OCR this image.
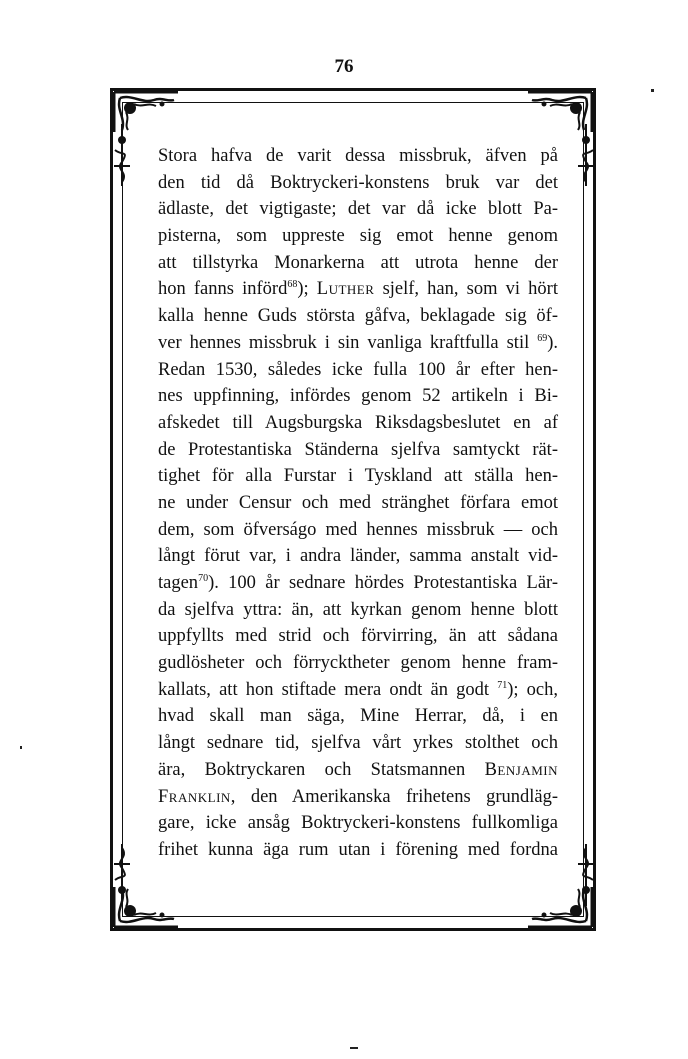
76
Stora hafva de varit dessa missbruk, äfven på
den tid då Boktryckeri-konstens bruk var det
ädlaste, det vigtigaste; det var då icke blott Pa-
pisterna, som uppreste sig emot henne genom
att tillstyrka Monarkerna att utrota henne der
hon fanns införd$^{68}$); Luther sjelf, han, som vi hört
kalla henne Guds största gåfva, beklagade sig öf-
ver hennes missbruk i sin vanliga kraftfulla stil $^{69}$).
Redan 1530, således icke fulla 100 år efter hen-
nes uppfinning, infördes genom 52 artikeln i Bi-
afskedet till Augsburgska Riksdagsbeslutet en af
de Protestantiska Ständerna sjelfva samtyckt rät-
tighet för alla Furstar i Tyskland att ställa hen-
ne under Censur och med stränghet förfara emot
dem, som öfverságo med hennes missbruk — och
långt förut var, i andra länder, samma anstalt vid-
tagen$^{70}$). 100 år sednare hördes Protestantiska Lär-
da sjelfva yttra: än, att kyrkan genom henne blott
uppfyllts med strid och förvirring, än att sådana
gudlösheter och förrycktheter genom henne fram-
kallats, att hon stiftade mera ondt än godt $^{71}$); och,
hvad skall man säga, Mine Herrar, då, i en
långt sednare tid, sjelfva vårt yrkes stolthet och
ära, Boktryckaren och Statsmannen Benjamin
Franklin, den Amerikanska frihetens grundläg-
gare, icke ansåg Boktryckeri-konstens fullkomliga
frihet kunna äga rum utan i förening med fordna
